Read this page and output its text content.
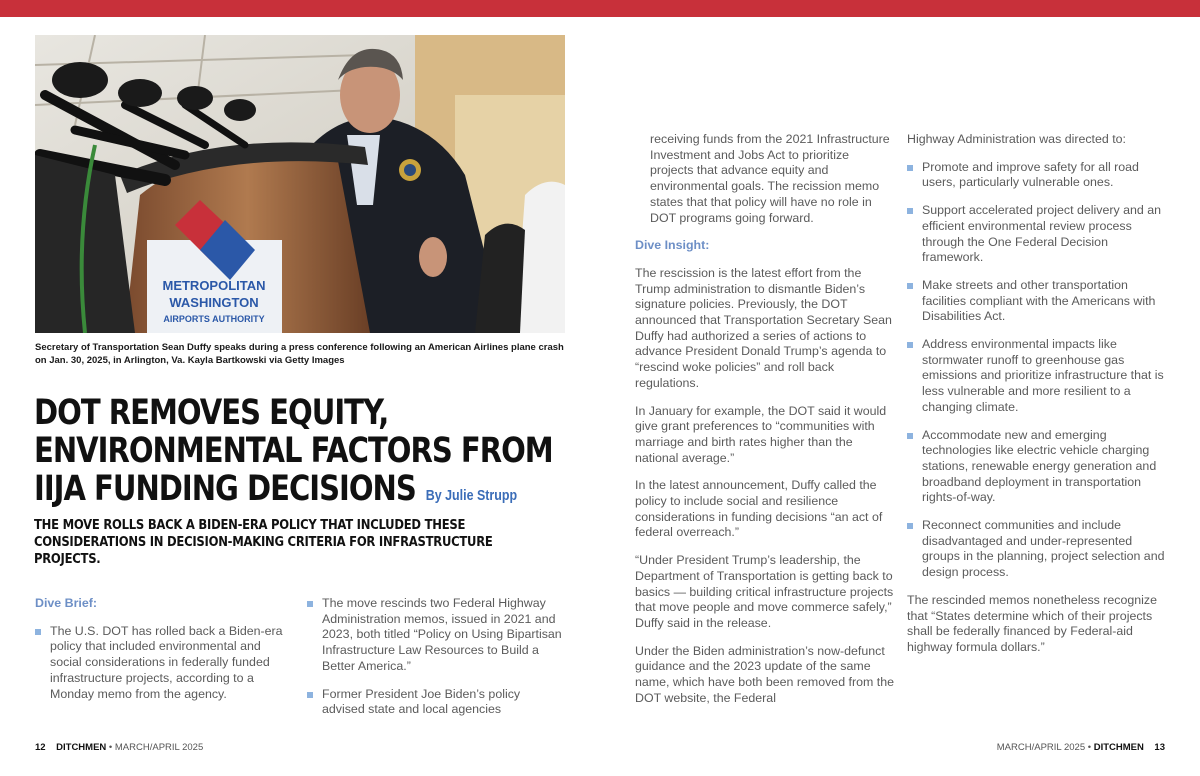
METROPOLITAN
WASHINGTON
AIRPORTS AUTHORITY
Secretary of Transportation Sean Duffy speaks during a press conference following an American Airlines plane crash on Jan. 30, 2025, in Arlington, Va. Kayla Bartkowski via Getty Images
DOT REMOVES EQUITY,
ENVIRONMENTAL FACTORS FROM
IIJA FUNDING DECISIONS By Julie Strupp

THE MOVE ROLLS BACK A BIDEN-ERA POLICY THAT INCLUDED THESE CONSIDERATIONS IN DECISION-MAKING CRITERIA FOR INFRASTRUCTURE PROJECTS.

Dive Brief:
The U.S. DOT has rolled back a Biden-era policy that included environmental and social considerations in federally funded infrastructure projects, according to a Monday memo from the agency.
The move rescinds two Federal Highway Administration memos, issued in 2021 and 2023, both titled “Policy on Using Bipartisan Infrastructure Law Resources to Build a Better America.”
Former President Joe Biden’s policy advised state and local agencies

receiving funds from the 2021 Infrastructure Investment and Jobs Act to prioritize projects that advance equity and environmental goals. The recission memo states that that policy will have no role in DOT programs going forward.

Dive Insight:

The rescission is the latest effort from the Trump administration to dismantle Biden’s signature policies. Previously, the DOT announced that Transportation Secretary Sean Duffy had authorized a series of actions to advance President Donald Trump’s agenda to “rescind woke policies” and roll back regulations.

In January for example, the DOT said it would give grant preferences to “communities with marriage and birth rates higher than the national average.”

In the latest announcement, Duffy called the policy to include social and resilience considerations in funding decisions “an act of federal overreach.”

“Under President Trump’s leadership, the Department of Transportation is getting back to basics — building critical infrastructure projects that move people and move commerce safely,” Duffy said in the release.

Under the Biden administration’s now-defunct guidance and the 2023 update of the same name, which have both been removed from the DOT website, the Federal

Highway Administration was directed to:

Promote and improve safety for all road users, particularly vulnerable ones.
Support accelerated project delivery and an efficient environmental review process through the One Federal Decision framework.
Make streets and other transportation facilities compliant with the Americans with Disabilities Act.
Address environmental impacts like stormwater runoff to greenhouse gas emissions and prioritize infrastructure that is less vulnerable and more resilient to a changing climate.
Accommodate new and emerging technologies like electric vehicle charging stations, renewable energy generation and broadband deployment in transportation rights-of-way.
Reconnect communities and include disadvantaged and under-represented groups in the planning, project selection and design process.

The rescinded memos nonetheless recognize that “States determine which of their projects shall be federally financed by Federal-aid highway formula dollars.”

12 DITCHMEN • MARCH/APRIL 2025	MARCH/APRIL 2025 • DITCHMEN 13
